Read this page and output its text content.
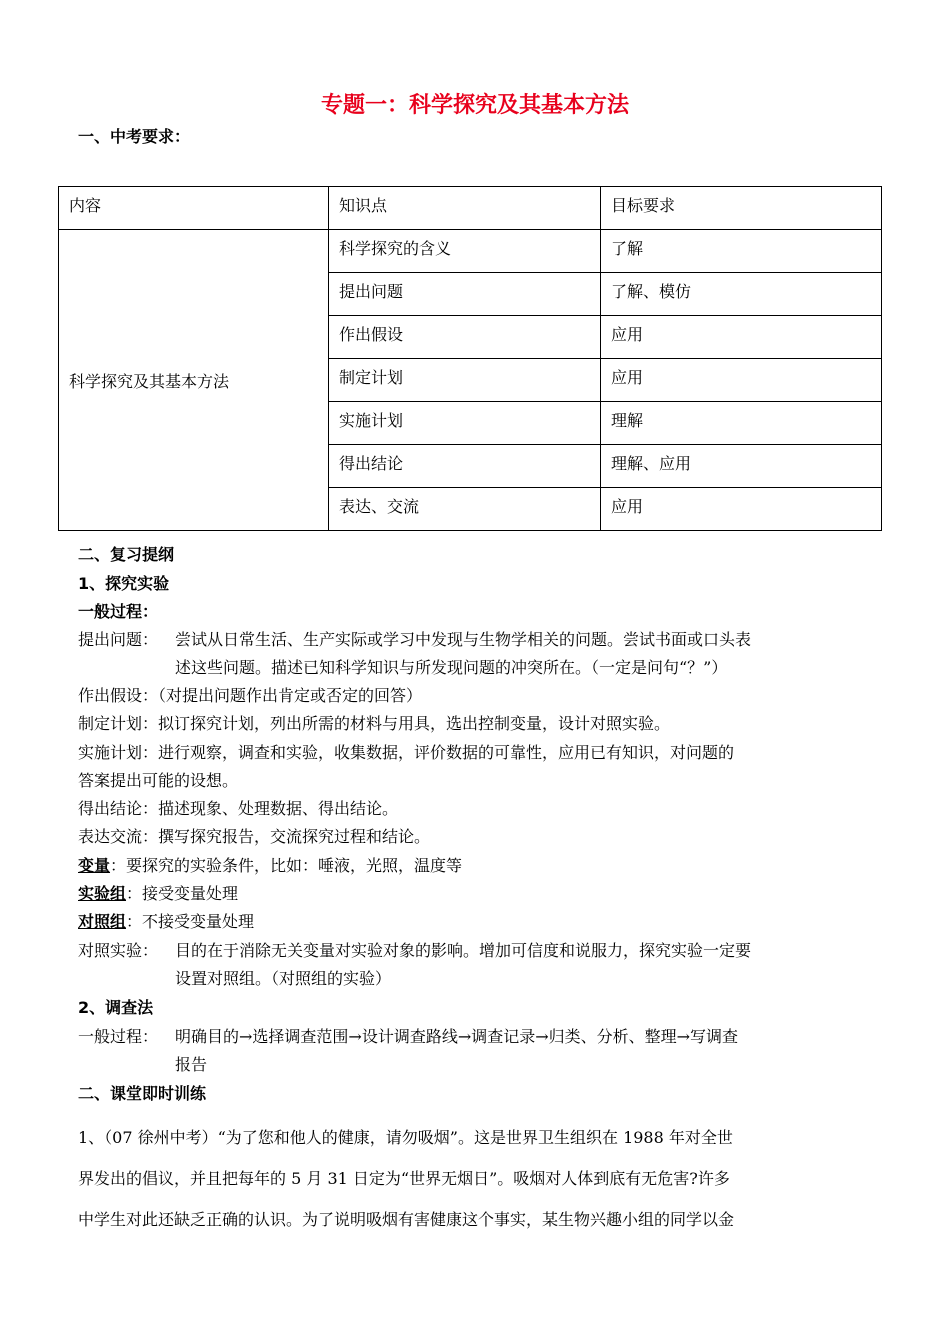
专题一：科学探究及其基本方法
一、中考要求：
内容	知识点	目标要求
科学探究及其基本方法	科学探究的含义	了解
	提出问题	了解、模仿
	作出假设	应用
	制定计划	应用
	实施计划	理解
	得出结论	理解、应用
	表达、交流	应用
二、复习提纲
1、探究实验
一般过程：
提出问题： 尝试从日常生活、生产实际或学习中发现与生物学相关的问题。尝试书面或口头表
述这些问题。描述已知科学知识与所发现问题的冲突所在。（一定是问句“？”）
作出假设：（对提出问题作出肯定或否定的回答）
制定计划：拟订探究计划，列出所需的材料与用具，选出控制变量，设计对照实验。
实施计划：进行观察，调查和实验，收集数据，评价数据的可靠性，应用已有知识，对问题的
答案提出可能的设想。
得出结论：描述现象、处理数据、得出结论。
表达交流：撰写探究报告，交流探究过程和结论。
变量：要探究的实验条件，比如：唾液，光照，温度等
实验组：接受变量处理
对照组：不接受变量处理
对照实验： 目的在于消除无关变量对实验对象的影响。增加可信度和说服力，探究实验一定要
设置对照组。（对照组的实验）
2、调查法
一般过程： 明确目的→选择调查范围→设计调查路线→调查记录→归类、分析、整理→写调查
报告
二、课堂即时训练
1、（07 徐州中考）“为了您和他人的健康，请勿吸烟”。这是世界卫生组织在 1988 年对全世
界发出的倡议，并且把每年的 5 月 31 日定为“世界无烟日”。吸烟对人体到底有无危害?许多
中学生对此还缺乏正确的认识。为了说明吸烟有害健康这个事实，某生物兴趣小组的同学以金
